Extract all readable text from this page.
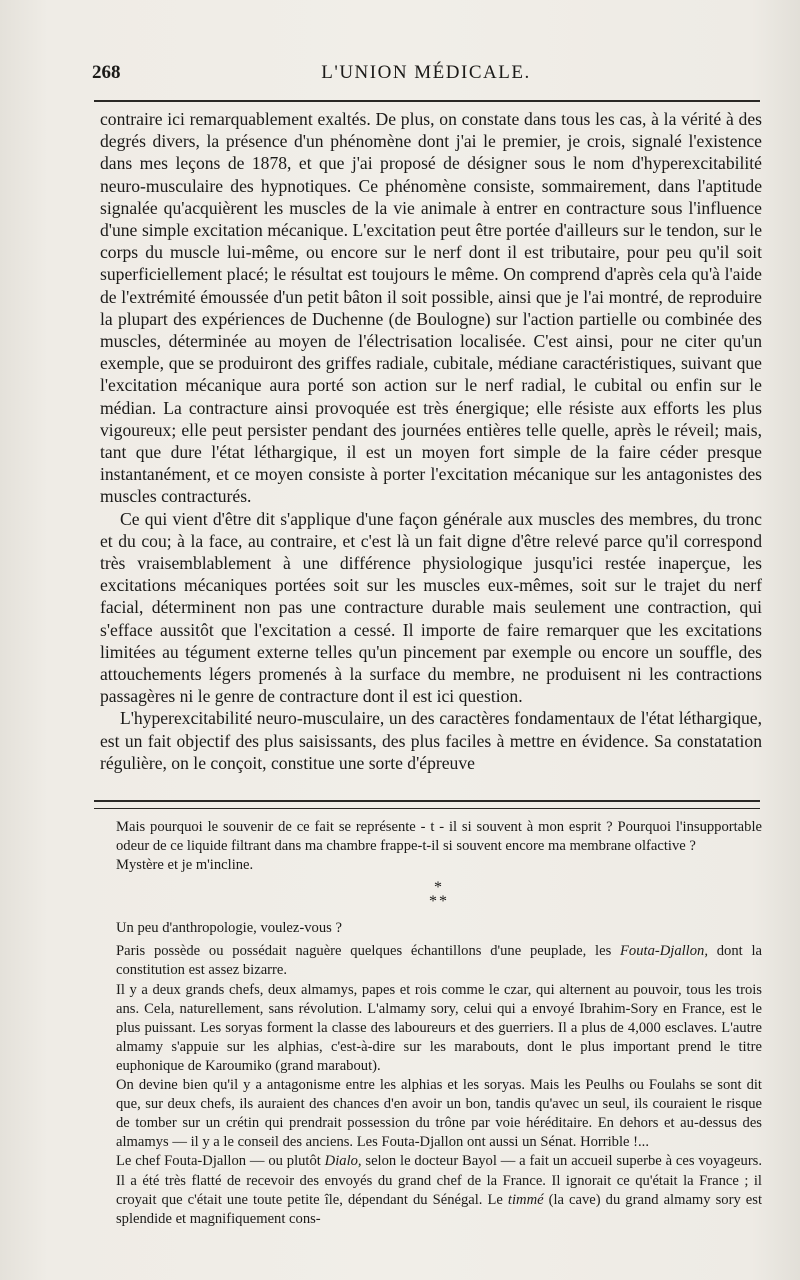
268	L'UNION MÉDICALE.

contraire ici remarquablement exaltés. De plus, on constate dans tous les cas, à la vérité à des degrés divers, la présence d'un phénomène dont j'ai le premier, je crois, signalé l'existence dans mes leçons de 1878, et que j'ai proposé de désigner sous le nom d'hyperexcitabilité neuro-musculaire des hypnotiques. Ce phénomène consiste, sommairement, dans l'aptitude signalée qu'acquièrent les muscles de la vie animale à entrer en contracture sous l'influence d'une simple excitation mécanique. L'excitation peut être portée d'ailleurs sur le tendon, sur le corps du muscle lui-même, ou encore sur le nerf dont il est tributaire, pour peu qu'il soit superficiellement placé; le résultat est toujours le même. On comprend d'après cela qu'à l'aide de l'extrémité émoussée d'un petit bâton il soit possible, ainsi que je l'ai montré, de reproduire la plupart des expériences de Duchenne (de Boulogne) sur l'action partielle ou combinée des muscles, déterminée au moyen de l'électrisation localisée. C'est ainsi, pour ne citer qu'un exemple, que se produiront des griffes radiale, cubitale, médiane caractéristiques, suivant que l'excitation mécanique aura porté son action sur le nerf radial, le cubital ou enfin sur le médian. La contracture ainsi provoquée est très énergique; elle résiste aux efforts les plus vigoureux; elle peut persister pendant des journées entières telle quelle, après le réveil; mais, tant que dure l'état léthargique, il est un moyen fort simple de la faire céder presque instantanément, et ce moyen consiste à porter l'excitation mécanique sur les antagonistes des muscles contracturés.

Ce qui vient d'être dit s'applique d'une façon générale aux muscles des membres, du tronc et du cou; à la face, au contraire, et c'est là un fait digne d'être relevé parce qu'il correspond très vraisemblablement à une différence physiologique jusqu'ici restée inaperçue, les excitations mécaniques portées soit sur les muscles eux-mêmes, soit sur le trajet du nerf facial, déterminent non pas une contracture durable mais seulement une contraction, qui s'efface aussitôt que l'excitation a cessé. Il importe de faire remarquer que les excitations limitées au tégument externe telles qu'un pincement par exemple ou encore un souffle, des attouchements légers promenés à la surface du membre, ne produisent ni les contractions passagères ni le genre de contracture dont il est ici question.

L'hyperexcitabilité neuro-musculaire, un des caractères fondamentaux de l'état léthargique, est un fait objectif des plus saisissants, des plus faciles à mettre en évidence. Sa constatation régulière, on le conçoit, constitue une sorte d'épreuve

Mais pourquoi le souvenir de ce fait se représente - t - il si souvent à mon esprit ? Pourquoi l'insupportable odeur de ce liquide filtrant dans ma chambre frappe-t-il si souvent encore ma membrane olfactive ?

Mystère et je m'incline.

*
**

Un peu d'anthropologie, voulez-vous ?

Paris possède ou possédait naguère quelques échantillons d'une peuplade, les Fouta-Djallon, dont la constitution est assez bizarre.

Il y a deux grands chefs, deux almamys, papes et rois comme le czar, qui alternent au pouvoir, tous les trois ans. Cela, naturellement, sans révolution. L'almamy sory, celui qui a envoyé Ibrahim-Sory en France, est le plus puissant. Les soryas forment la classe des laboureurs et des guerriers. Il a plus de 4,000 esclaves. L'autre almamy s'appuie sur les alphias, c'est-à-dire sur les marabouts, dont le plus important prend le titre euphonique de Karoumiko (grand marabout).

On devine bien qu'il y a antagonisme entre les alphias et les soryas. Mais les Peulhs ou Foulahs se sont dit que, sur deux chefs, ils auraient des chances d'en avoir un bon, tandis qu'avec un seul, ils couraient le risque de tomber sur un crétin qui prendrait possession du trône par voie héréditaire. En dehors et au-dessus des almamys — il y a le conseil des anciens. Les Fouta-Djallon ont aussi un Sénat. Horrible !...

Le chef Fouta-Djallon — ou plutôt Dialo, selon le docteur Bayol — a fait un accueil superbe à ces voyageurs. Il a été très flatté de recevoir des envoyés du grand chef de la France. Il ignorait ce qu'était la France ; il croyait que c'était une toute petite île, dépendant du Sénégal. Le timmé (la cave) du grand almamy sory est splendide et magnifiquement cons-
